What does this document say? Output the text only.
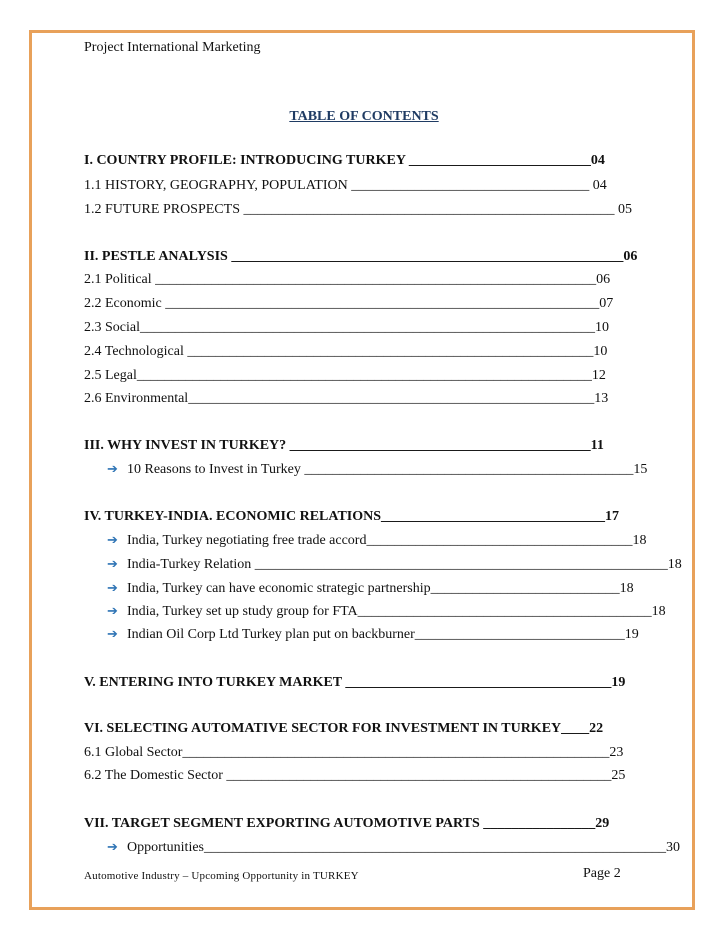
Project International Marketing
TABLE OF CONTENTS
I. COUNTRY PROFILE: INTRODUCING TURKEY __________________________04
1.1 HISTORY, GEOGRAPHY, POPULATION __________________________________ 04
1.2 FUTURE PROSPECTS _____________________________________________________ 05
II. PESTLE ANALYSIS ________________________________________________________06
2.1 Political _______________________________________________________________06
2.2 Economic ______________________________________________________________07
2.3 Social_________________________________________________________________10
2.4 Technological __________________________________________________________10
2.5 Legal_________________________________________________________________12
2.6 Environmental__________________________________________________________13
III. WHY INVEST IN TURKEY? ___________________________________________11
➔ 10 Reasons to Invest in Turkey _______________________________________________15
IV. TURKEY-INDIA. ECONOMIC RELATIONS________________________________17
➔ India, Turkey negotiating free trade accord______________________________________18
➔ India-Turkey Relation ___________________________________________________________18
➔ India, Turkey can have economic strategic partnership___________________________18
➔ India, Turkey set up study group for FTA__________________________________________18
➔ Indian Oil Corp Ltd Turkey plan put on backburner______________________________19
V. ENTERING INTO TURKEY MARKET ______________________________________19
VI. SELECTING AUTOMATIVE SECTOR FOR INVESTMENT IN TURKEY____22
6.1 Global Sector_____________________________________________________________23
6.2 The Domestic Sector _______________________________________________________25
VII. TARGET SEGMENT EXPORTING AUTOMOTIVE PARTS ________________29
➔ Opportunities__________________________________________________________________30
Automotive Industry – Upcoming Opportunity in TURKEY	Page 2
